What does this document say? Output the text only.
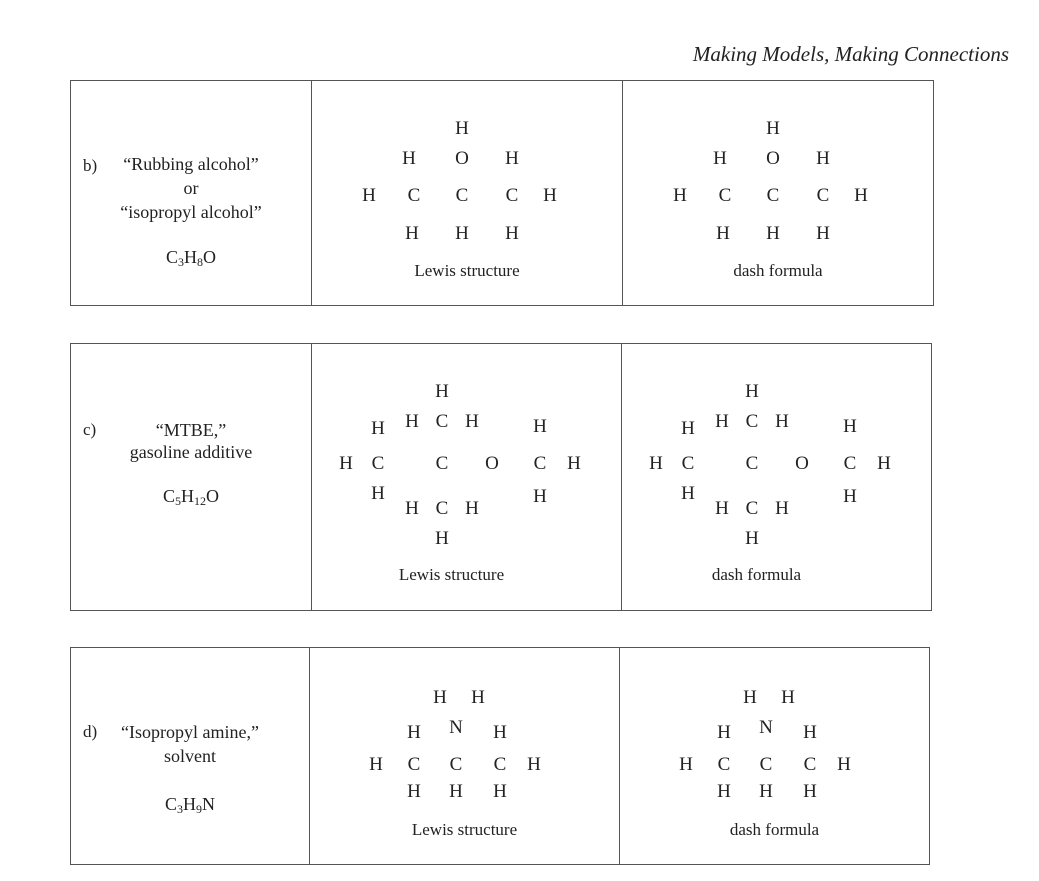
Making Models, Making Connections
b)	“Rubbing alcohol”
or
“isopropyl alcohol”
$C_3H_8O$
H
H O H
H C C C H
H H H
Lewis structure
H
H O H
H C C C H
H H H
dash formula
c)	“MTBE,”
gasoline additive
$C_5H_{12}O$
H
H H C H	H
H C	C O C H
H	H
H C H
H
Lewis structure
H
H H C H	H
H C	C O C H
H	H
H C H
H
dash formula
d)	“Isopropyl amine,”
solvent
$C_3H_9N$
H H
H N H
H C C C H
H H H
Lewis structure
H H
H N H
H C C C H
H H H
dash formula
